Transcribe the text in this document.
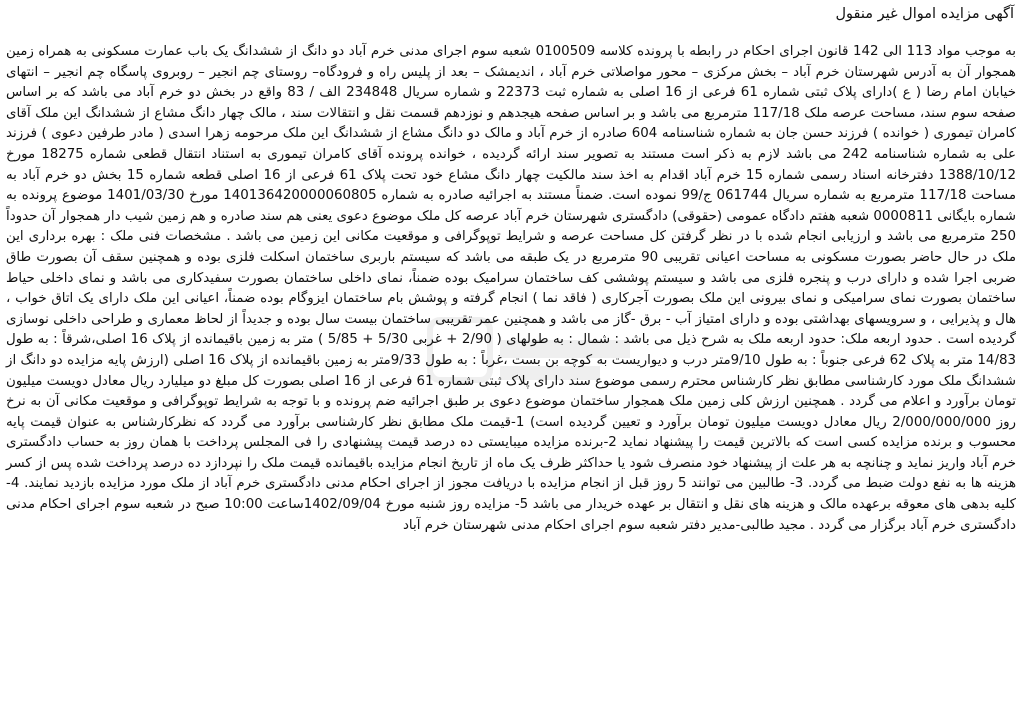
آگهی مزایده اموال غیر منقول

به موجب مواد 113 الی 142 قانون اجرای احکام در رابطه با پرونده کلاسه 0100509 شعبه سوم اجرای مدنی خرم آباد دو دانگ از ششدانگ یک باب عمارت مسکونی به همراه زمین همجوار آن به آدرس شهرستان خرم آباد – بخش مرکزی – محور مواصلاتی خرم آباد ، اندیمشک – بعد از پلیس راه و فرودگاه– روستای چم انجیر – روبروی پاسگاه چم انجیر – انتهای خیابان امام رضا ( ع )دارای پلاک ثبتی شماره 61 فرعی از 16 اصلی به شماره ثبت 22373 و شماره سریال 234848 الف / 83 واقع در بخش دو خرم آباد می باشد که بر اساس صفحه سوم سند، مساحت عرصه ملک 117/18 مترمربع می باشد و بر اساس صفحه هیجدهم و نوزدهم قسمت نقل و انتقالات سند ، مالک چهار دانگ مشاع از ششدانگ این ملک آقای کامران تیموری ( خوانده ) فرزند حسن جان به شماره شناسنامه 604 صادره از خرم آباد و مالک دو دانگ مشاع از ششدانگ این ملک مرحومه زهرا اسدی ( مادر طرفین دعوی ) فرزند علی به شماره شناسنامه 242 می باشد لازم به ذکر است مستند به تصویر سند ارائه گردیده ، خوانده پرونده آقای کامران تیموری به استناد انتقال قطعی شماره 18275 مورخ 1388/10/12 دفترخانه اسناد رسمی شماره 15 خرم آباد اقدام به اخذ سند مالکیت چهار دانگ مشاع خود تحت پلاک 61 فرعی از 16 اصلی قطعه شماره 15 بخش دو خرم آباد به مساحت 117/18 مترمربع به شماره سریال 061744 ج/99 نموده است. ضمناً مستند به اجرائیه صادره به شماره 140136420000060805 مورخ 1401/03/30 موضوع پرونده به شماره بایگانی 0000811 شعبه هفتم دادگاه عمومی (حقوقی) دادگستری شهرستان خرم آباد عرصه کل ملک موضوع دعوی یعنی هم سند صادره و هم زمین شیب دار همجوار آن حدوداً 250 مترمربع می باشد و ارزیابی انجام شده با در نظر گرفتن کل مساحت عرصه و شرایط توپوگرافی و موقعیت مکانی این زمین می باشد . مشخصات فنی ملک : بهره برداری این ملک در حال حاضر بصورت مسکونی به مساحت اعیانی تقریبی 90 مترمربع در یک طبقه می باشد که سیستم باربری ساختمان اسکلت فلزی بوده و همچنین سقف آن بصورت طاق ضربی اجرا شده و دارای درب و پنجره فلزی می باشد و سیستم پوششی کف ساختمان سرامیک بوده ضمناً، نمای داخلی ساختمان بصورت سفیدکاری می باشد و نمای داخلی حیاط ساختمان بصورت نمای سرامیکی و نمای بیرونی این ملک بصورت آجرکاری ( فاقد نما ) انجام گرفته و پوشش بام ساختمان ایزوگام بوده ضمناً، اعیانی این ملک دارای یک اتاق خواب ، هال و پذیرایی ، و سرویسهای بهداشتی بوده و دارای امتیاز آب - برق -گاز می باشد و همچنین عمر تقریبی ساختمان بیست سال بوده و جدیداً از لحاظ معماری و طراحی داخلی نوسازی گردیده است . حدود اربعه ملک: حدود اربعه ملک به شرح ذیل می باشد : شمال : به طولهای ( 2/90 + غربی 5/30 + 5/85 ) متر به زمین باقیمانده از پلاک 16 اصلی،شرقاً : به طول 14/83 متر به پلاک 62 فرعی جنوباً : به طول 9/10متر درب و دیواریست به کوچه بن بست ،غرباً : به طول 9/33متر به زمین باقیمانده از پلاک 16 اصلی (ارزش پایه مزایده دو دانگ از ششدانگ ملک مورد کارشناسی مطابق نظر کارشناس محترم رسمی موضوع سند دارای پلاک ثبتی شماره 61 فرعی از 16 اصلی بصورت کل مبلغ دو میلیارد ریال معادل دویست میلیون تومان برآورد و اعلام می گردد . همچنین ارزش کلی زمین ملک همجوار ساختمان موضوع دعوی بر طبق اجرائیه ضم پرونده و با توجه به شرایط توپوگرافی و موقعیت مکانی آن به نرخ روز 2/000/000/000 ریال معادل دویست میلیون تومان برآورد و تعیین گردیده است) 1-قیمت ملک مطابق نظر کارشناسی برآورد می گردد که نظرکارشناس به عنوان قیمت پایه محسوب و برنده مزایده کسی است که بالاترین قیمت را پیشنهاد نماید 2-برنده مزایده میبایستی ده درصد قیمت پیشنهادی را فی المجلس پرداخت با همان روز به حساب دادگستری خرم آباد واریز نماید و چنانچه به هر علت از پیشنهاد خود منصرف شود یا حداکثر ظرف یک ماه از تاریخ انجام مزایده باقیمانده قیمت ملک را نپردازد ده درصد پرداخت شده پس از کسر هزینه ها به نفع دولت ضبط می گردد. 3- طالبین می توانند 5 روز قبل از انجام مزایده با دریافت مجوز از اجرای احکام مدنی دادگستری خرم آباد از ملک مورد مزایده بازدید نمایند. 4-کلیه بدهی های معوقه برعهده مالک و هزینه های نقل و انتقال بر عهده خریدار می باشد 5- مزایده روز شنبه مورخ 1402/09/04ساعت 10:00 صبح در شعبه سوم اجرای احکام مدنی دادگستری خرم آباد برگزار می گردد . مجید طالبی-مدیر دفتر شعبه سوم اجرای احکام مدنی شهرستان خرم آباد
